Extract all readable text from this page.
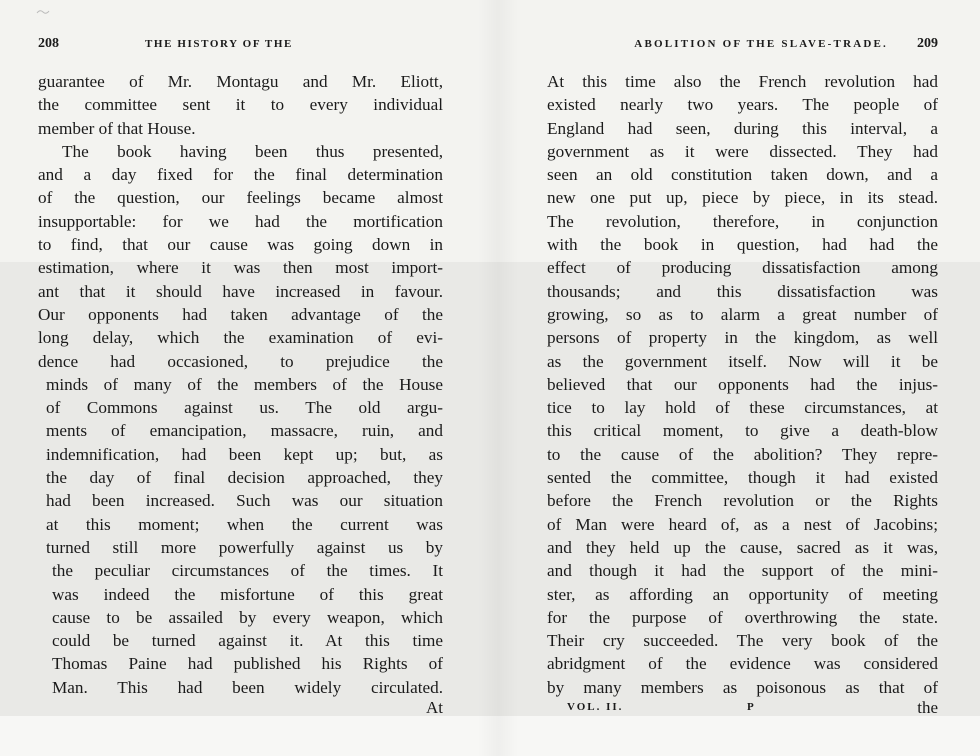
208	THE HISTORY OF THE
guarantee of Mr. Montagu and Mr. Eliott,
the committee sent it to every individual
member of that House.
The book having been thus presented,
and a day fixed for the final determination
of the question, our feelings became almost
insupportable: for we had the mortification
to find, that our cause was going down in
estimation, where it was then most import-
ant that it should have increased in favour.
Our opponents had taken advantage of the
long delay, which the examination of evi-
dence had occasioned, to prejudice the
minds of many of the members of the House
of Commons against us. The old argu-
ments of emancipation, massacre, ruin, and
indemnification, had been kept up; but, as
the day of final decision approached, they
had been increased. Such was our situation
at this moment; when the current was
turned still more powerfully against us by
the peculiar circumstances of the times. It
was indeed the misfortune of this great
cause to be assailed by every weapon, which
could be turned against it. At this time
Thomas Paine had published his Rights of
Man. This had been widely circulated.
At
ABOLITION OF THE SLAVE-TRADE. 209
At this time also the French revolution had
existed nearly two years. The people of
England had seen, during this interval, a
government as it were dissected. They had
seen an old constitution taken down, and a
new one put up, piece by piece, in its stead.
The revolution, therefore, in conjunction
with the book in question, had had the
effect of producing dissatisfaction among
thousands; and this dissatisfaction was
growing, so as to alarm a great number of
persons of property in the kingdom, as well
as the government itself. Now will it be
believed that our opponents had the injus-
tice to lay hold of these circumstances, at
this critical moment, to give a death-blow
to the cause of the abolition? They repre-
sented the committee, though it had existed
before the French revolution or the Rights
of Man were heard of, as a nest of Jacobins;
and they held up the cause, sacred as it was,
and though it had the support of the mini-
ster, as affording an opportunity of meeting
for the purpose of overthrowing the state.
Their cry succeeded. The very book of the
abridgment of the evidence was considered
by many members as poisonous as that of
VOL. II.	P	the
